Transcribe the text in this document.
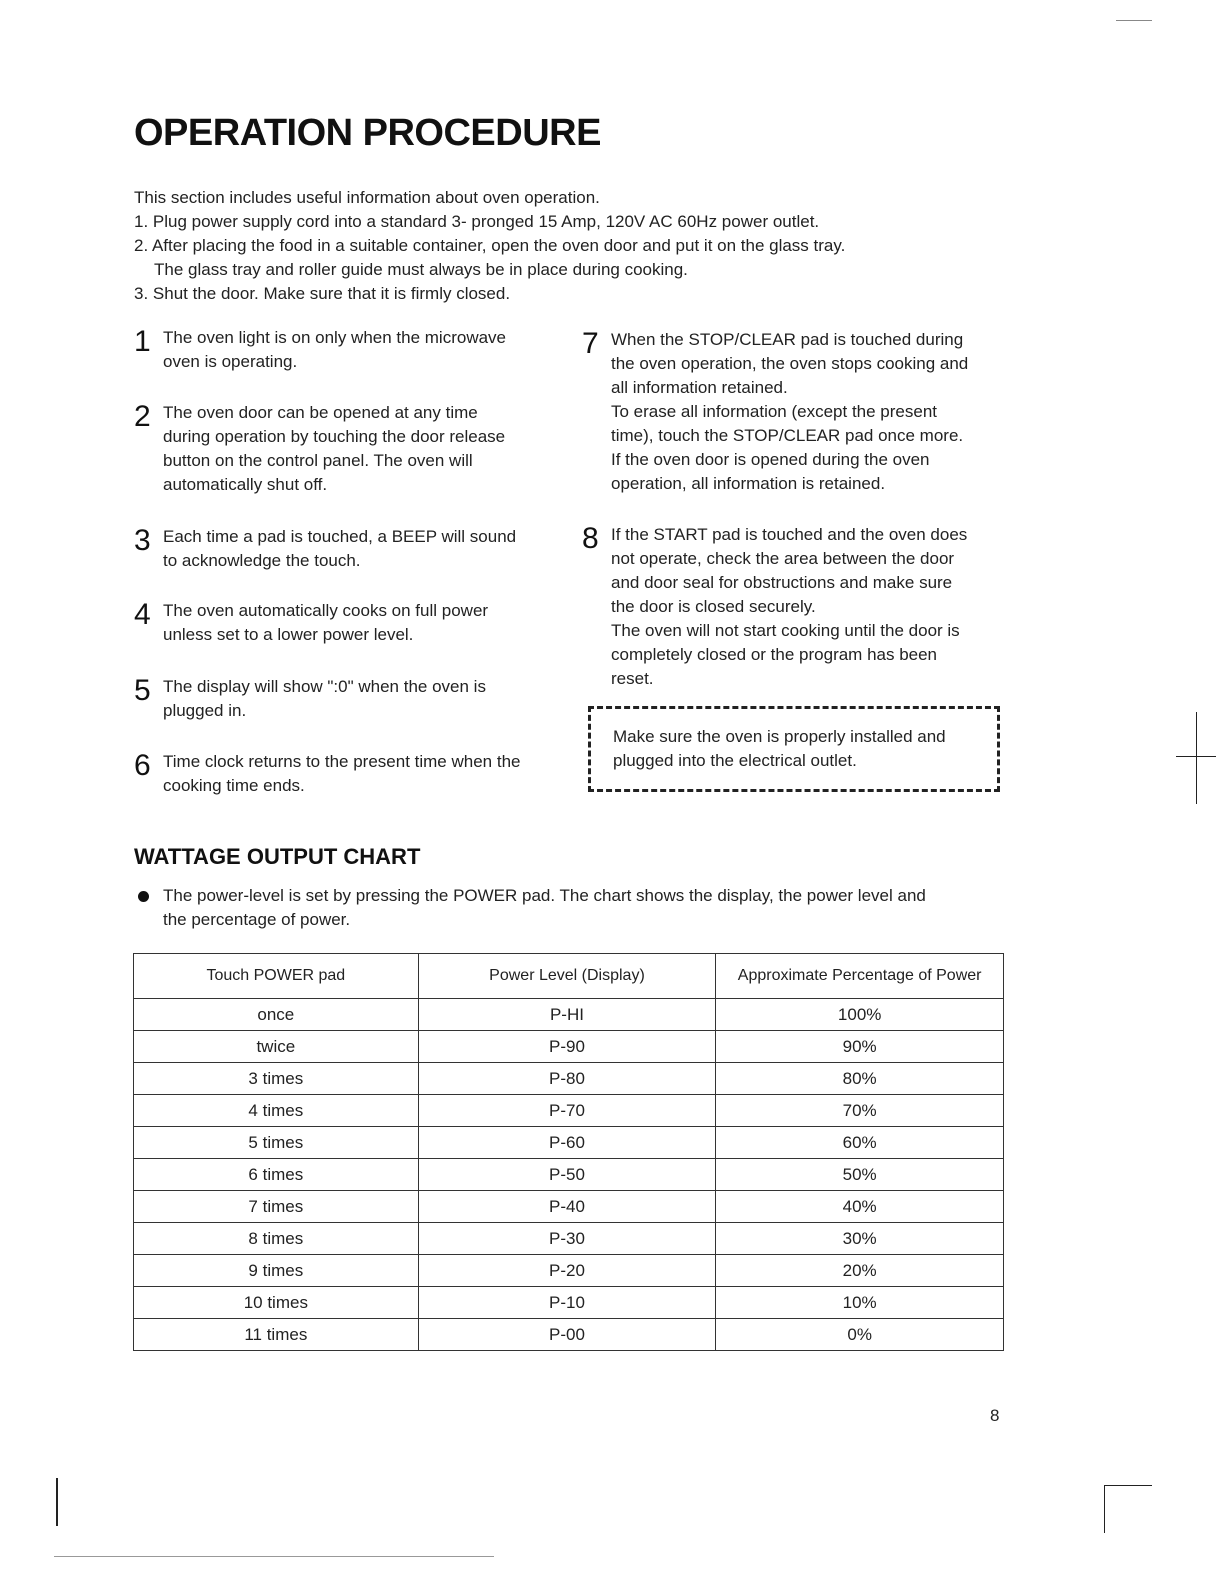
OPERATION PROCEDURE

This section includes useful information about oven operation.

1. Plug power supply cord into a standard 3- pronged 15 Amp, 120V AC 60Hz power outlet.

2. After placing the food in a suitable container, open the oven door and put it on the glass tray.

The glass tray and roller guide must always be in place during cooking.

3. Shut the door. Make sure that it is firmly closed.

1 The oven light is on only when the microwave

oven is operating.

2 The oven door can be opened at any time

during operation by touching the door release

button on the control panel. The oven will

automatically shut off.

3 Each time a pad is touched, a BEEP will sound

to acknowledge the touch.

4 The oven automatically cooks on full power

unless set to a lower power level.

5 The display will show ":0" when the oven is

plugged in.

6 Time clock returns to the present time when the

cooking time ends.

7 When the STOP/CLEAR pad is touched during

the oven operation, the oven stops cooking and

all information retained.

To erase all information (except the present

time), touch the STOP/CLEAR pad once more.

If the oven door is opened during the oven

operation, all information is retained.

8 If the START pad is touched and the oven does

not operate, check the area between the door

and door seal for obstructions and make sure

the door is closed securely.

The oven will not start cooking until the door is

completely closed or the program has been

reset.

Make sure the oven is properly installed and
plugged into the electrical outlet.
WATTAGE OUTPUT CHART
The power-level is set by pressing the POWER pad. The chart shows the display, the power level and
the percentage of power.
Touch POWER pad	Power Level (Display)	Approximate Percentage of Power
once	P-HI	100%
twice	P-90	90%
3 times	P-80	80%
4 times	P-70	70%
5 times	P-60	60%
6 times	P-50	50%
7 times	P-40	40%
8 times	P-30	30%
9 times	P-20	20%
10 times	P-10	10%
11 times	P-00	0%
8
